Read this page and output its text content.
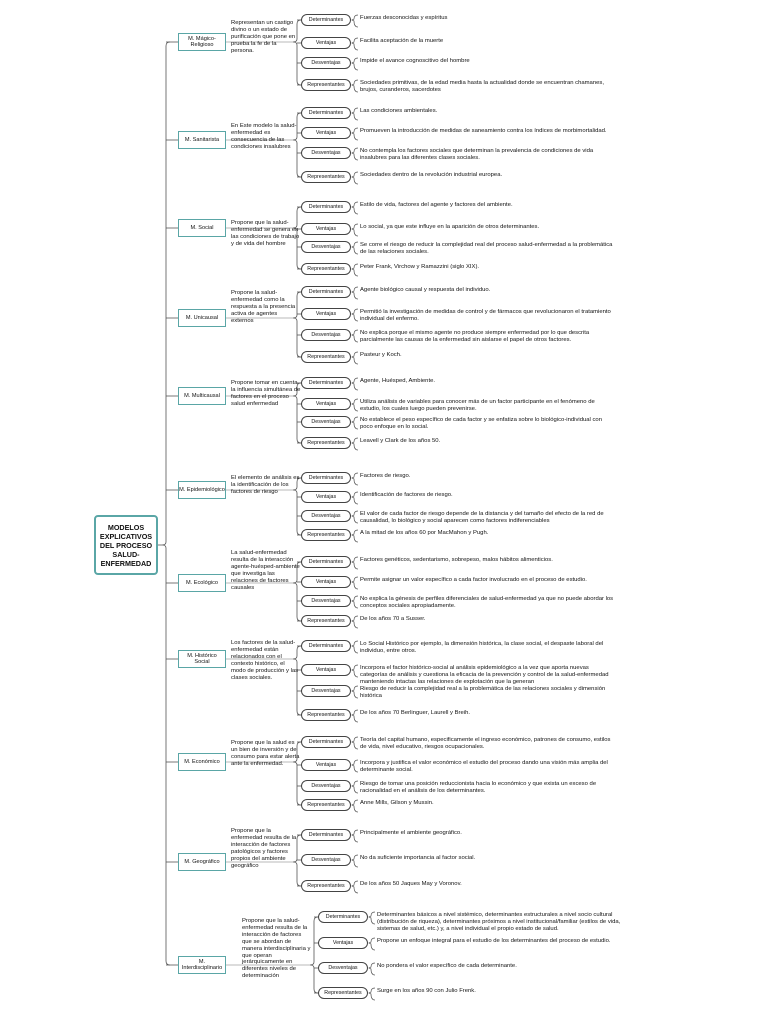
MODELOS EXPLICATIVOS DEL PROCESO SALUD-ENFERMEDAD
M. Mágico-Religioso
Representan un castigo divino o un estado de purificación que pone en prueba la fe de la persona.
Determinantes	Fuerzas desconocidas y espíritus
Ventajas	Facilita aceptación de la muerte
Desventajas	Impide el avance cognoscitivo del hombre
Representantes	Sociedades primitivas, de la edad media hasta la actualidad donde se encuentran chamanes, brujos, curanderos, sacerdotes
M. Sanitarista
En Este modelo la salud-enfermedad es consecuencia de las condiciones insalubres
Determinantes	Las condiciones ambientales.
Ventajas	Promueven la introducción de medidas de saneamiento contra los índices de morbimortalidad.
Desventajas	No contempla los factores sociales que determinan la prevalencia de condiciones de vida insalubres para las diferentes clases sociales.
Representantes	Sociedades dentro de la revolución industrial europea.
M. Social
Propone que la salud-enfermedad se genera en las condiciones de trabajo y de vida del hombre
Determinantes	Estilo de vida, factores del agente y factores del ambiente.
Ventajas	Lo social, ya que este influye en la aparición de otros determinantes.
Desventajas	Se corre el riesgo de reducir la complejidad real del proceso salud-enfermedad a la problemática de las relaciones sociales.
Representantes	Peter Frank, Virchow y Ramazzini (siglo XIX).
M. Unicausal
Propone la salud-enfermedad como la respuesta a la presencia activa de agentes externos
Determinantes	Agente biológico causal y respuesta del individuo.
Ventajas	Permitió la investigación de medidas de control y de fármacos que revolucionaron el tratamiento individual del enfermo.
Desventajas	No explica porque el mismo agente no produce siempre enfermedad por lo que descrita parcialmente las causas de la enfermedad sin aislarse el papel de otros factores.
Representantes	Pasteur y Koch.
M. Multicausal
Propone tomar en cuenta la influencia simultánea de factores en el proceso salud enfermedad
Determinantes	Agente, Huésped, Ambiente.
Ventajas	Utiliza análisis de variables para conocer más de un factor participante en el fenómeno de estudio, los cuales luego pueden prevenirse.
Desventajas	No establece el peso específico de cada factor y se enfatiza sobre lo biológico-individual con poco enfoque en lo social.
Representantes	Leavell y Clark de los años 50.
M. Epidemiológico
El elemento de análisis es la identificación de los factores de riesgo
Determinantes	Factores de riesgo.
Ventajas	Identificación de factores de riesgo.
Desventajas	El valor de cada factor de riesgo depende de la distancia y del tamaño del efecto de la red de causalidad, lo biológico y social aparecen como factores indiferenciables
Representantes	A la mitad de los años 60 por MacMahon y Pugh.
M. Ecológico
La salud-enfermedad resulta de la interacción agente-huésped-ambiente que investiga las relaciones de factores causales
Determinantes	Factores genéticos, sedentarismo, sobrepeso, malos hábitos alimenticios.
Ventajas	Permite asignar un valor específico a cada factor involucrado en el proceso de estudio.
Desventajas	No explica la génesis de perfiles diferenciales de salud-enfermedad ya que no puede abordar los conceptos sociales apropiadamente.
Representantes	De los años 70 a Susser.
M. Histórico Social
Los factores de la salud-enfermedad están relacionados con el contexto histórico, el modo de producción y las clases sociales.
Determinantes	Lo Social Histórico por ejemplo, la dimensión histórica, la clase social, el despaste laboral del individuo, entre otros.
Ventajas	Incorpora el factor histórico-social al análisis epidemiológico a la vez que aporta nuevas categorías de análisis y cuestiona la eficacia de la prevención y control de la salud-enfermedad manteniendo intactas las relaciones de explotación que la generan
Desventajas	Riesgo de reducir la complejidad real a la problemática de las relaciones sociales y dimensión histórica
Representantes	De los años 70 Berlinguer, Laurell y Breih.
M. Económico
Propone que la salud es un bien de inversión y de consumo para estar alerta ante la enfermedad.
Determinantes	Teoría del capital humano, especificamente el ingreso económico, patrones de consumo, estilos de vida, nivel educativo, riesgos ocupacionales.
Ventajas	Incorpora y justifica el valor económico el estudio del proceso dando una visión más amplia del determinante social.
Desventajas	Riesgo de tomar una posición reduccionista hacia lo económico y que exista un exceso de racionalidad en el análisis de los determinantes.
Representantes	Anne Mills, Gilson y Mussin.
M. Geográfico
Propone que la enfermedad resulta de la interacción de factores patológicos y factores propios del ambiente geográfico
Determinantes	Principalmente el ambiente geográfico.
Desventajas	No da suficiente importancia al factor social.
Representantes	De los años 50 Jaques May y Voronov.
M. Interdisciplinario
Propone que la salud-enfermedad resulta de la interacción de factores que se abordan de manera interdisciplinaria y que operan jerárquicamente en diferentes niveles de determinación
Determinantes	Determinantes básicos a nivel sistémico, determinantes estructurales a nivel socio cultural (distribución de riqueza), determinantes próximos a nivel institucional/familiar (estilos de vida, sistemas de salud, etc.) y, a nivel individual el propio estado de salud.
Ventajas	Propone un enfoque integral para el estudio de los determinantes del proceso de estudio.
Desventajas	No pondera el valor específico de cada determinante.
Representantes	Surge en los años 90 con Julio Frenk.
